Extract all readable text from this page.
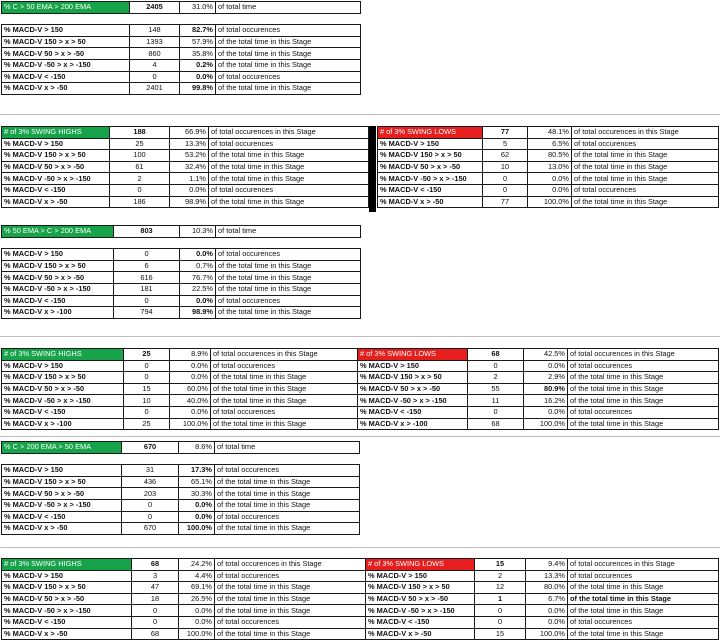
% C > 50 EMA > 200 EMA	2405	31.0%	of total time

% MACD-V > 150	148	82.7%	of total occurences
% MACD-V 150 > x > 50	1393	57.9%	of the total time in this Stage
% MACD-V 50 > x > -50	860	35.8%	of the total time in this Stage
% MACD-V -50 > x > -150	4	0.2%	of the total time in this Stage
% MACD-V < -150	0	0.0%	of total occurences
% MACD-V x > -50	2401	99.8%	of the total time in this Stage
# of 3% SWING HIGHS	188	66.9%	of total occurences in this Stage
% MACD-V > 150	25	13.3%	of total occurences
% MACD-V 150 > x > 50	100	53.2%	of the total time in this Stage
% MACD-V 50 > x > -50	61	32.4%	of the total time in this Stage
% MACD-V -50 > x > -150	2	1.1%	of the total time in this Stage
% MACD-V < -150	0	0.0%	of total occurences
% MACD-V x > -50	186	98.9%	of the total time in this Stage
# of 3% SWING LOWS	77	48.1%	of total occurences in this Stage
% MACD-V > 150	5	6.5%	of total occurences
% MACD-V 150 > x > 50	62	80.5%	of the total time in this Stage
% MACD-V 50 > x > -50	10	13.0%	of the total time in this Stage
% MACD-V -50 > x > -150	0	0.0%	of the total time in this Stage
% MACD-V < -150	0	0.0%	of total occurences
% MACD-V x > -50	77	100.0%	of the total time in this Stage
% 50 EMA > C > 200 EMA	803	10.3%	of total time

% MACD-V > 150	0	0.0%	of total occurences
% MACD-V 150 > x > 50	6	0.7%	of the total time in this Stage
% MACD-V 50 > x > -50	616	76.7%	of the total time in this Stage
% MACD-V -50 > x > -150	181	22.5%	of the total time in this Stage
% MACD-V < -150	0	0.0%	of total occurences
% MACD-V x > -100	794	98.9%	of the total time in this Stage
# of 3% SWING HIGHS	25	8.9%	of total occurences in this Stage
% MACD-V > 150	0	0.0%	of total occurences
% MACD-V 150 > x > 50	0	0.0%	of the total time in this Stage
% MACD-V 50 > x > -50	15	60.0%	of the total time in this Stage
% MACD-V -50 > x > -150	10	40.0%	of the total time in this Stage
% MACD-V < -150	0	0.0%	of total occurences
% MACD-V x > -100	25	100.0%	of the total time in this Stage
# of 3% SWING LOWS	68	42.5%	of total occurences in this Stage
% MACD-V > 150	0	0.0%	of total occurences
% MACD-V 150 > x > 50	2	2.9%	of the total time in this Stage
% MACD-V 50 > x > -50	55	80.9%	of the total time in this Stage
% MACD-V -50 > x > -150	11	16.2%	of the total time in this Stage
% MACD-V < -150	0	0.0%	of total occurences
% MACD-V x > -100	68	100.0%	of the total time in this Stage
% C > 200 EMA > 50 EMA	670	8.6%	of total time

% MACD-V > 150	31	17.3%	of total occurences
% MACD-V 150 > x > 50	436	65.1%	of the total time in this Stage
% MACD-V 50 > x > -50	203	30.3%	of the total time in this Stage
% MACD-V -50 > x > -150	0	0.0%	of the total time in this Stage
% MACD-V < -150	0	0.0%	of total occurences
% MACD-V x > -50	670	100.0%	of the total time in this Stage
# of 3% SWING HIGHS	68	24.2%	of total occurences in this Stage
% MACD-V > 150	3	4.4%	of total occurences
% MACD-V 150 > x > 50	47	69.1%	of the total time in this Stage
% MACD-V 50 > x > -50	18	26.5%	of the total time in this Stage
% MACD-V -50 > x > -150	0	0.0%	of the total time in this Stage
% MACD-V < -150	0	0.0%	of total occurences
% MACD-V x > -50	68	100.0%	of the total time in this Stage
# of 3% SWING LOWS	15	9.4%	of total occurences in this Stage
% MACD-V > 150	2	13.3%	of total occurences
% MACD-V 150 > x > 50	12	80.0%	of the total time in this Stage
% MACD-V 50 > x > -50	1	6.7%	of the total time in this Stage
% MACD-V -50 > x > -150	0	0.0%	of the total time in this Stage
% MACD-V < -150	0	0.0%	of total occurences
% MACD-V x > -50	15	100.0%	of the total time in this Stage
